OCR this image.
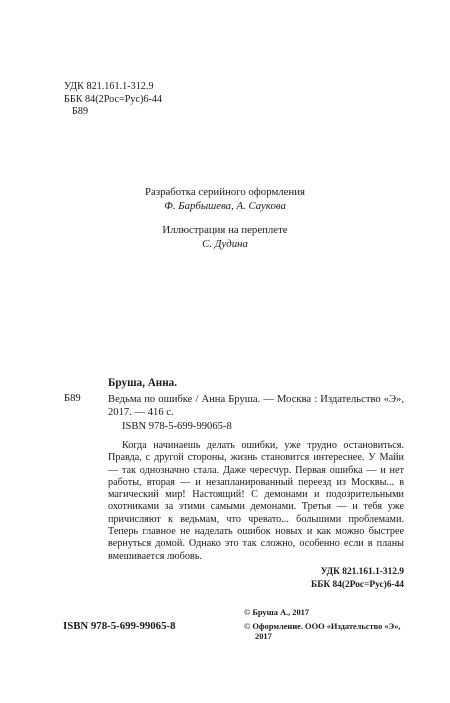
УДК 821.161.1-312.9
ББК 84(2Рос=Рус)6-44
Б89
Разработка серийного оформления
Ф. Барбышева, А. Саукова
Иллюстрация на переплете
С. Дудина
Бруша, Анна.
Б89	Ведьма по ошибке / Анна Бруша. — Москва : Издательство «Э», 2017. — 416 с.
ISBN 978-5-699-99065-8
Когда начинаешь делать ошибки, уже трудно остановиться. Правда, с другой стороны, жизнь становится интереснее. У Майи — так однозначно стала. Даже чересчур. Первая ошибка — и нет работы, вторая — и незапланированный переезд из Москвы... в магический мир! Настоящий! С демонами и подозрительными охотниками за этими самыми демонами. Третья — и тебя уже причисляют к ведьмам, что чревато... большими проблемами. Теперь главное не наделать ошибок новых и как можно быстрее вернуться домой. Однако это так сложно, особенно если в планы вмешивается любовь.
УДК 821.161.1-312.9
ББК 84(2Рос=Рус)6-44
ISBN 978-5-699-99065-8
© Бруша А., 2017
© Оформление. ООО «Издательство «Э»,
2017
